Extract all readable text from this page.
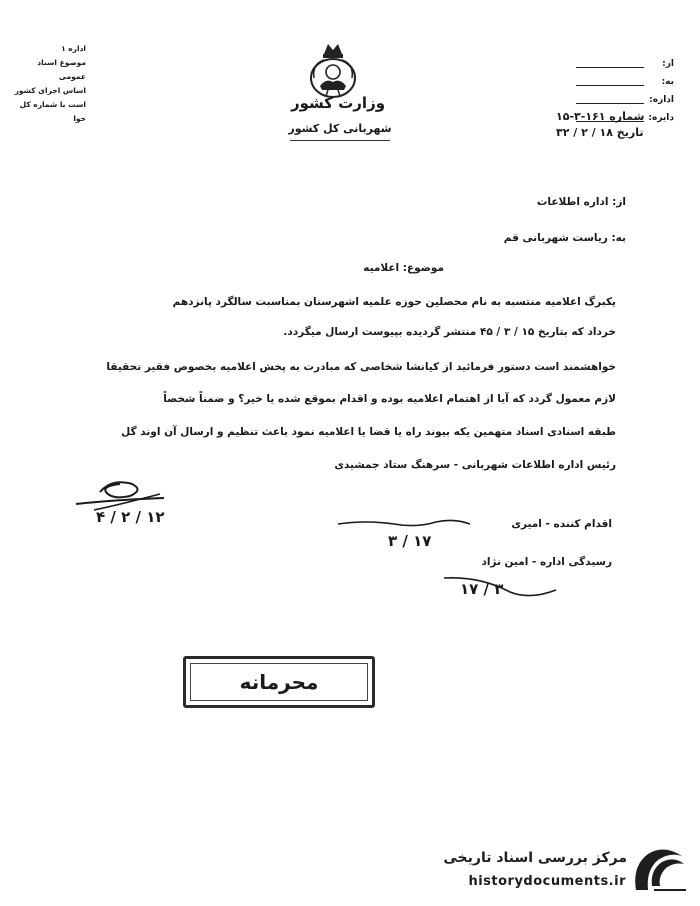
اداره ۱
موضوع اسناد عمومی
اساس اجرای کشور
است با شماره کل خوا
وزارت کشور
شهربانی کل کشور
از:
به:
اداره:
دایره:
شماره ۱۶۱-۳-۱۵
تاریخ ۱۸ / ۲ / ۳۲
از: اداره اطلاعات
به: ریاست شهربانی قم
موضوع: اعلامیه
یکبرگ اعلامیه منتسبه به نام محصلین حوزه علمیه اشهرستان بمناسبت سالگرد پانزدهم
خرداد که بتاریخ ۱۵ / ۳ / ۴۵ منتشر گردیده بپیوست ارسال میگردد.
خواهشمند است دستور فرمائید از کیانشا شخاصی که مبادرت به پخش اعلامیه بخصوص فقیر تحقیقا
لازم معمول گردد که آیا از اهتمام اعلامیه بوده و اقدام بموقع شده یا خیر؟ و ضمناً شخصاً
طبقه اسنادی اسناد متهمین یکه بیوند راه یا قضا یا اعلامیه نمود باعث تنظیم و ارسال آن اوند گل
رئیس اداره اطلاعات شهربانی - سرهنگ ستاد جمشیدی
۱۲ / ۲ / ۴	اقدام کننده - امیری
۱۷ / ۳
رسیدگی اداره - امین نژاد
۳ / ۱۷
محرمانه
مرکز بررسی اسناد تاریخی
historydocuments.ir
